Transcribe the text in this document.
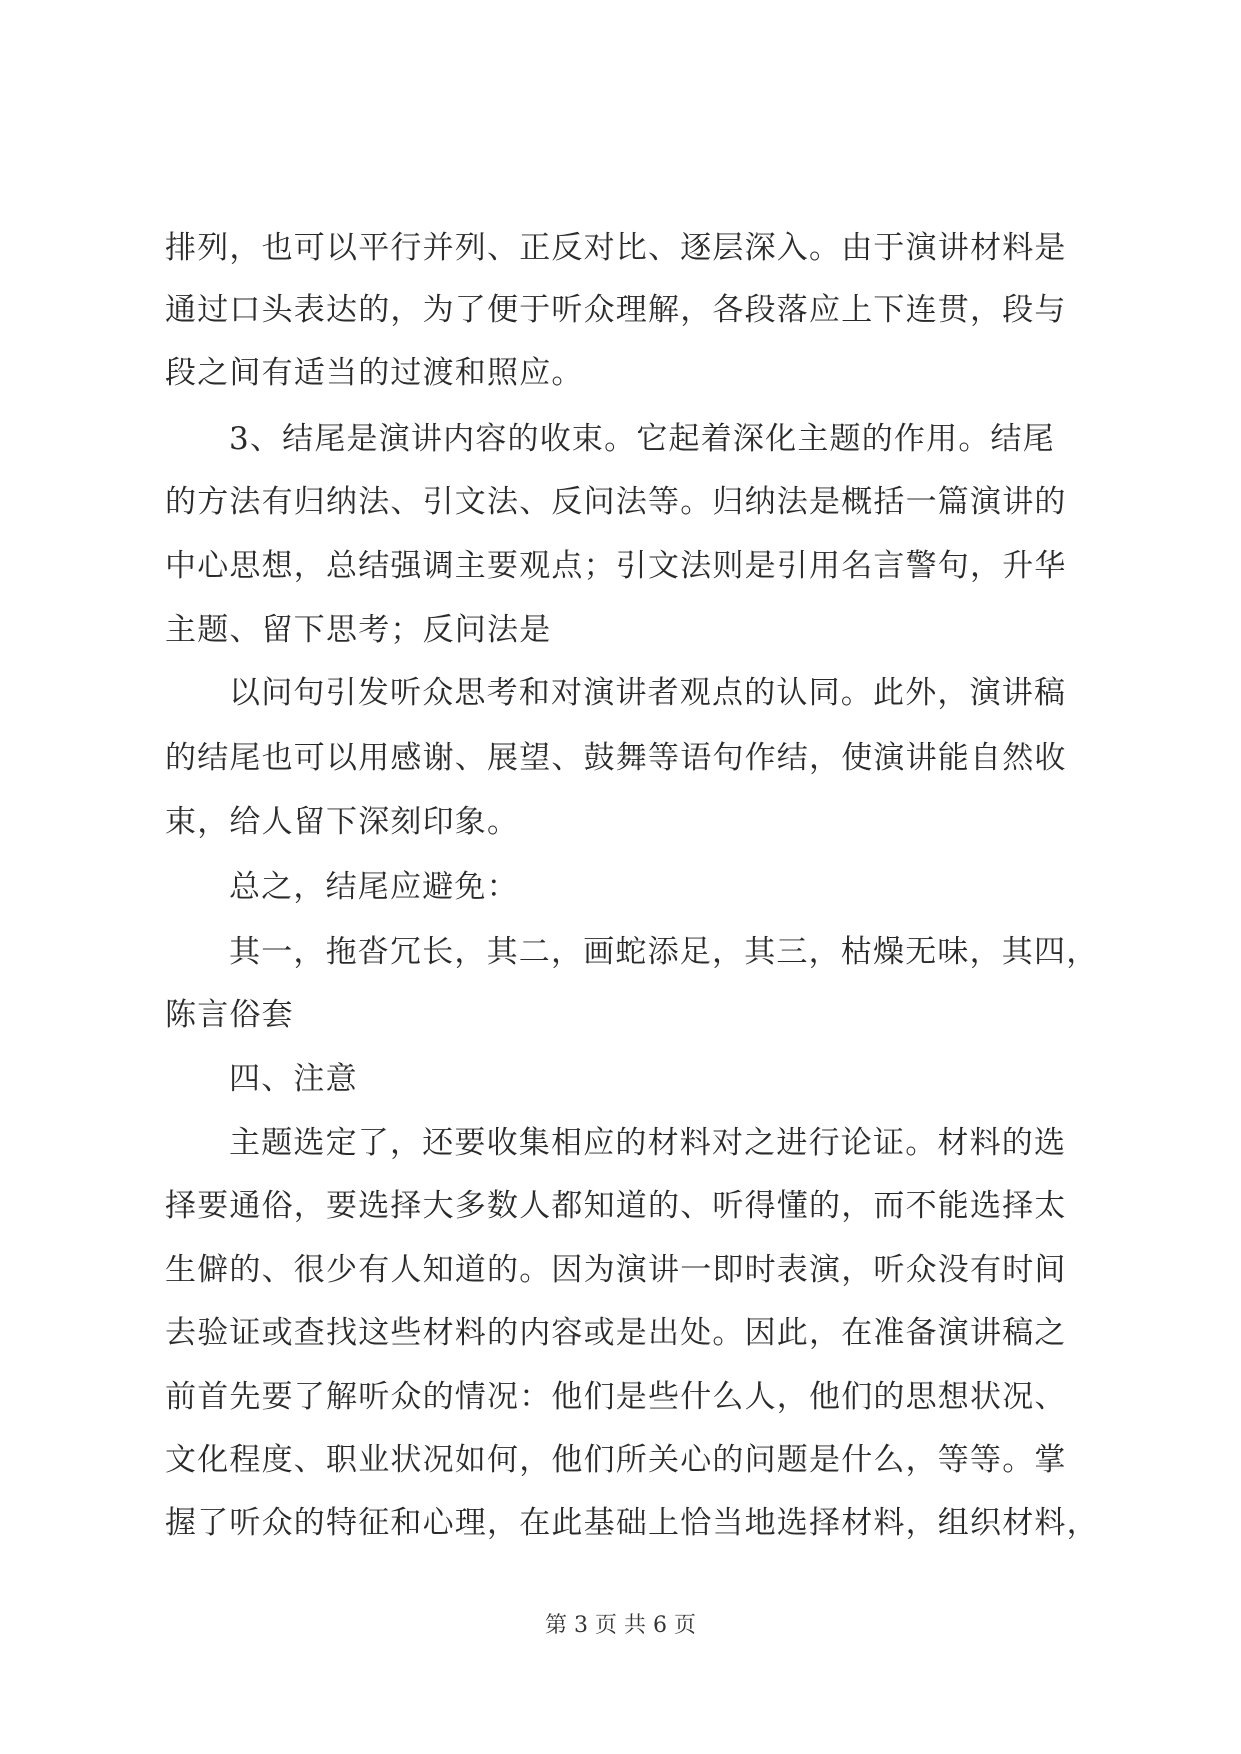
排列，也可以平行并列、正反对比、逐层深入。由于演讲材料是
通过口头表达的，为了便于听众理解，各段落应上下连贯，段与
段之间有适当的过渡和照应。
3、结尾是演讲内容的收束。它起着深化主题的作用。结尾
的方法有归纳法、引文法、反问法等。归纳法是概括一篇演讲的
中心思想，总结强调主要观点；引文法则是引用名言警句，升华
主题、留下思考；反问法是
以问句引发听众思考和对演讲者观点的认同。此外，演讲稿
的结尾也可以用感谢、展望、鼓舞等语句作结，使演讲能自然收
束，给人留下深刻印象。
总之，结尾应避免：
其一，拖沓冗长，其二，画蛇添足，其三，枯燥无味，其四，
陈言俗套
四、注意
主题选定了，还要收集相应的材料对之进行论证。材料的选
择要通俗，要选择大多数人都知道的、听得懂的，而不能选择太
生僻的、很少有人知道的。因为演讲一即时表演，听众没有时间
去验证或查找这些材料的内容或是出处。因此，在准备演讲稿之
前首先要了解听众的情况：他们是些什么人，他们的思想状况、
文化程度、职业状况如何，他们所关心的问题是什么，等等。掌
握了听众的特征和心理，在此基础上恰当地选择材料，组织材料，
第 3 页 共 6 页
